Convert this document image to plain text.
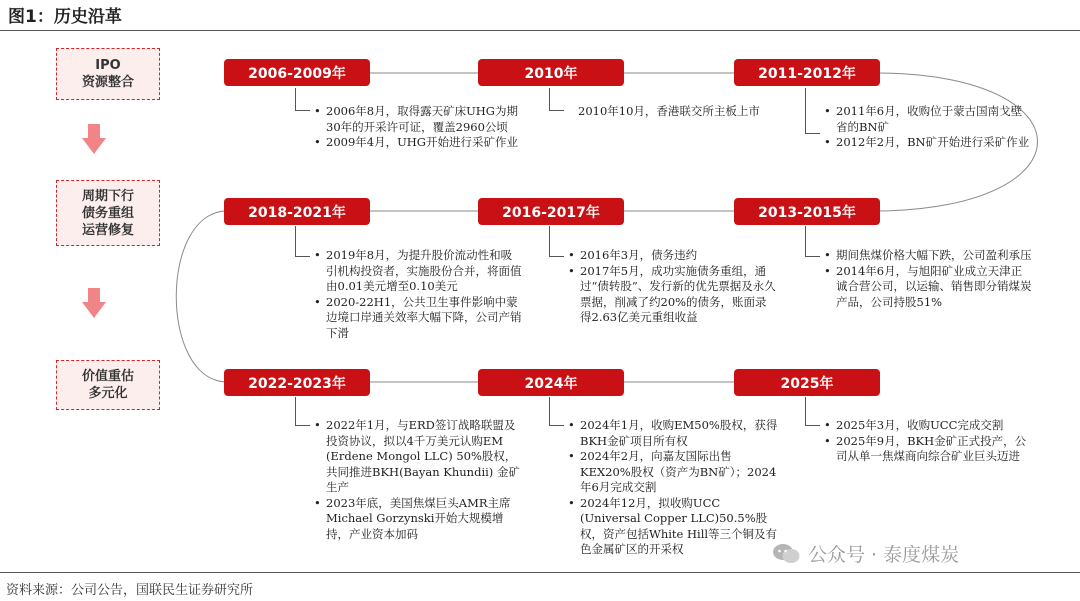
图1：历史沿革
IPO
资源整合
周期下行
债务重组
运营修复
价值重估
多元化
2006-2009年	2010年	2011-2012年
• 2006年8月，取得露天矿床UHG为期30年的开采许可证，覆盖2960公顷
• 2009年4月，UHG开始进行采矿作业
2010年10月，香港联交所主板上市
•	2011年6月，收购位于蒙古国南戈壁省的BN矿
• 2012年2月，BN矿开始进行采矿作业
2018-2021年	2016-2017年	2013-2015年
• 2019年8月，为提升股价流动性和吸引机构投资者，实施股份合并，将面值由0.01美元增至0.10美元
• 2020-22H1，公共卫生事件影响中蒙边境口岸通关效率大幅下降，公司产销下滑
• 2016年3月，债务违约
• 2017年5月，成功实施债务重组，通过“债转股”、发行新的优先票据及永久票据，削减了约20%的债务，账面录得2.63亿美元重组收益
• 期间焦煤价格大幅下跌，公司盈利承压
• 2014年6月，与旭阳矿业成立天津正诚合营公司，以运输、销售即分销煤炭产品，公司持股51%
2022-2023年	2024年	2025年
• 2022年1月，与ERD签订战略联盟及投资协议，拟以4千万美元认购EM (Erdene Mongol LLC) 50%股权，共同推进BKH(Bayan Khundii) 金矿生产
• 2023年底，美国焦煤巨头AMR主席Michael Gorzynski开始大规模增持，产业资本加码
• 2024年1月，收购EM50%股权，获得BKH金矿项目所有权
• 2024年2月，向嘉友国际出售KEX20%股权（资产为BN矿）；2024年6月完成交割
• 2024年12月，拟收购UCC (Universal Copper LLC)50.5%股权，资产包括White Hill等三个铜及有色金属矿区的开采权
• 2025年3月，收购UCC完成交割
• 2025年9月，BKH金矿正式投产，公司从单一焦煤商向综合矿业巨头迈进
公众号 · 泰度煤炭
资料来源：公司公告，国联民生证券研究所
